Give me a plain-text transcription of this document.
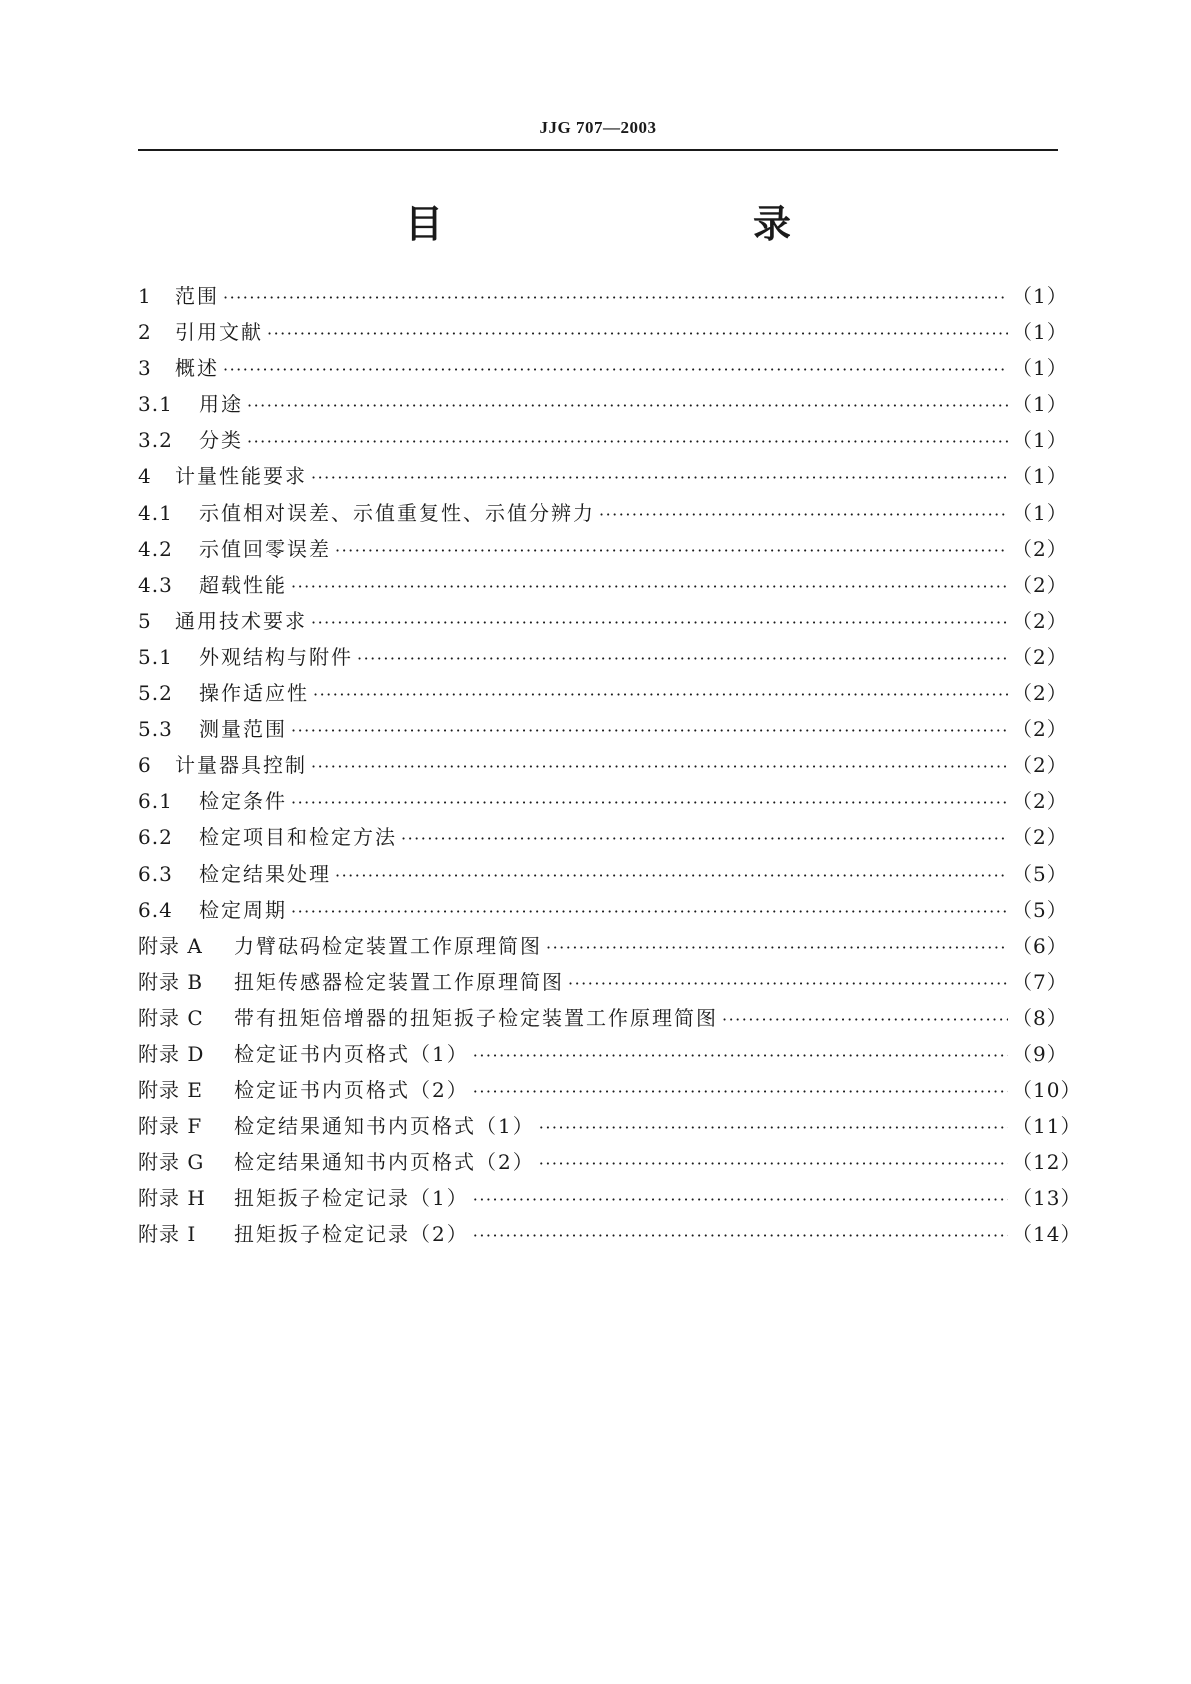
JJG 707—2003
目　　录
1	范围 ·····	（1）
2	引用文献 ·····	（1）
3	概述 ·····	（1）
3.1	用途 ·····	（1）
3.2	分类 ·····	（1）
4	计量性能要求 ·····	（1）
4.1	示值相对误差、示值重复性、示值分辨力 ·····	（1）
4.2	示值回零误差 ·····	（2）
4.3	超载性能 ·····	（2）
5	通用技术要求 ·····	（2）
5.1	外观结构与附件 ·····	（2）
5.2	操作适应性 ·····	（2）
5.3	测量范围 ·····	（2）
6	计量器具控制 ·····	（2）
6.1	检定条件 ·····	（2）
6.2	检定项目和检定方法 ·····	（2）
6.3	检定结果处理 ·····	（5）
6.4	检定周期 ·····	（5）
附录 A	力臂砝码检定装置工作原理简图 ·····	（6）
附录 B	扭矩传感器检定装置工作原理简图 ·····	（7）
附录 C	带有扭矩倍增器的扭矩扳子检定装置工作原理简图 ·····	（8）
附录 D	检定证书内页格式（1） ·····	（9）
附录 E	检定证书内页格式（2） ·····	（10）
附录 F	检定结果通知书内页格式（1） ·····	（11）
附录 G	检定结果通知书内页格式（2） ·····	（12）
附录 H	扭矩扳子检定记录（1） ·····	（13）
附录 I	扭矩扳子检定记录（2） ·····	（14）
